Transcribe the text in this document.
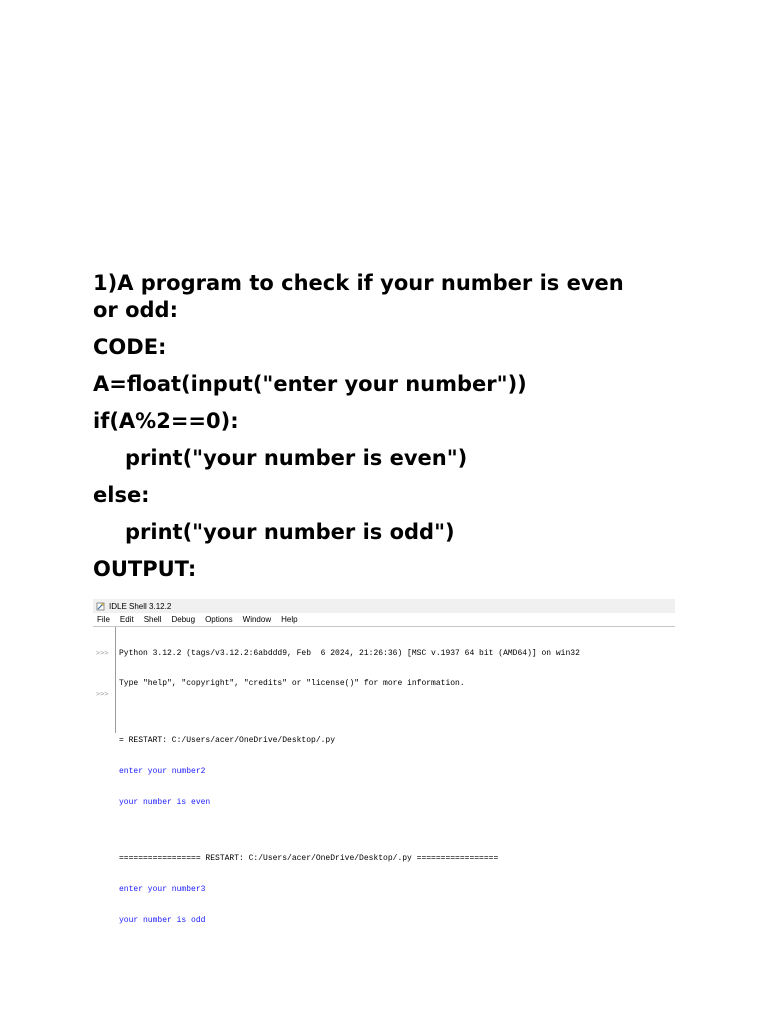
1)A program to check if your number is even or odd:

CODE:

A=float(input("enter your number"))

if(A%2==0):

print("your number is even")

else:

print("your number is odd")

OUTPUT:

IDLE Shell 3.12.2
File Edit Shell Debug Options Window Help
>>>
>>>

Python 3.12.2 (tags/v3.12.2:6abddd9, Feb  6 2024, 21:26:36) [MSC v.1937 64 bit (AMD64)] on win32

Type "help", "copyright", "credits" or "license()" for more information.

= RESTART: C:/Users/acer/OneDrive/Desktop/.py

enter your number2

your number is even

================= RESTART: C:/Users/acer/OneDrive/Desktop/.py =================

enter your number3

your number is odd
